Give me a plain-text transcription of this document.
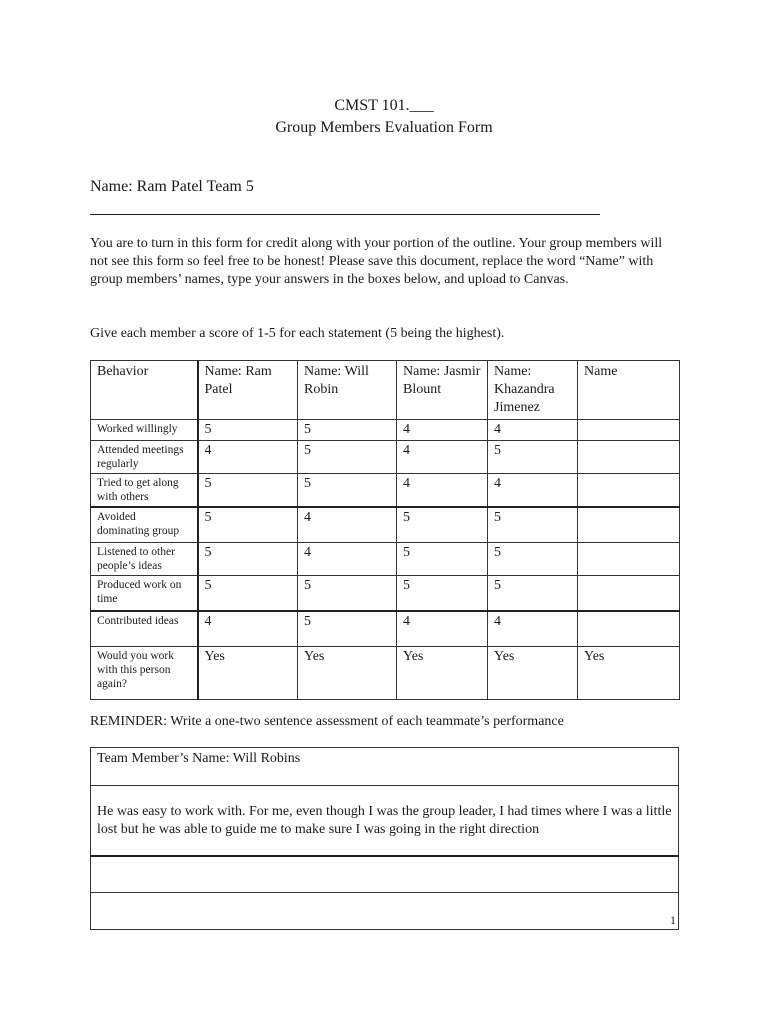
CMST 101.___
Group Members Evaluation Form
Name: Ram Patel Team 5
You are to turn in this form for credit along with your portion of the outline. Your group members will not see this form so feel free to be honest! Please save this document, replace the word “Name” with group members’ names, type your answers in the boxes below, and upload to Canvas.
Give each member a score of 1-5 for each statement (5 being the highest).
Behavior	Name: Ram Patel	Name: Will Robin	Name: Jasmir Blount	Name: Khazandra Jimenez	Name
Worked willingly	5	5	4	4	
Attended meetings regularly	4	5	4	5	
Tried to get along with others	5	5	4	4	
Avoided dominating group	5	4	5	5	
Listened to other people’s ideas	5	4	5	5	
Produced work on time	5	5	5	5	
Contributed ideas	4	5	4	4	
Would you work with this person again?	Yes	Yes	Yes	Yes	Yes
REMINDER: Write a one-two sentence assessment of each teammate’s performance
Team Member’s Name: Will Robins
He was easy to work with. For me, even though I was the group leader, I had times where I was a little lost but he was able to guide me to make sure I was going in the right direction

1
